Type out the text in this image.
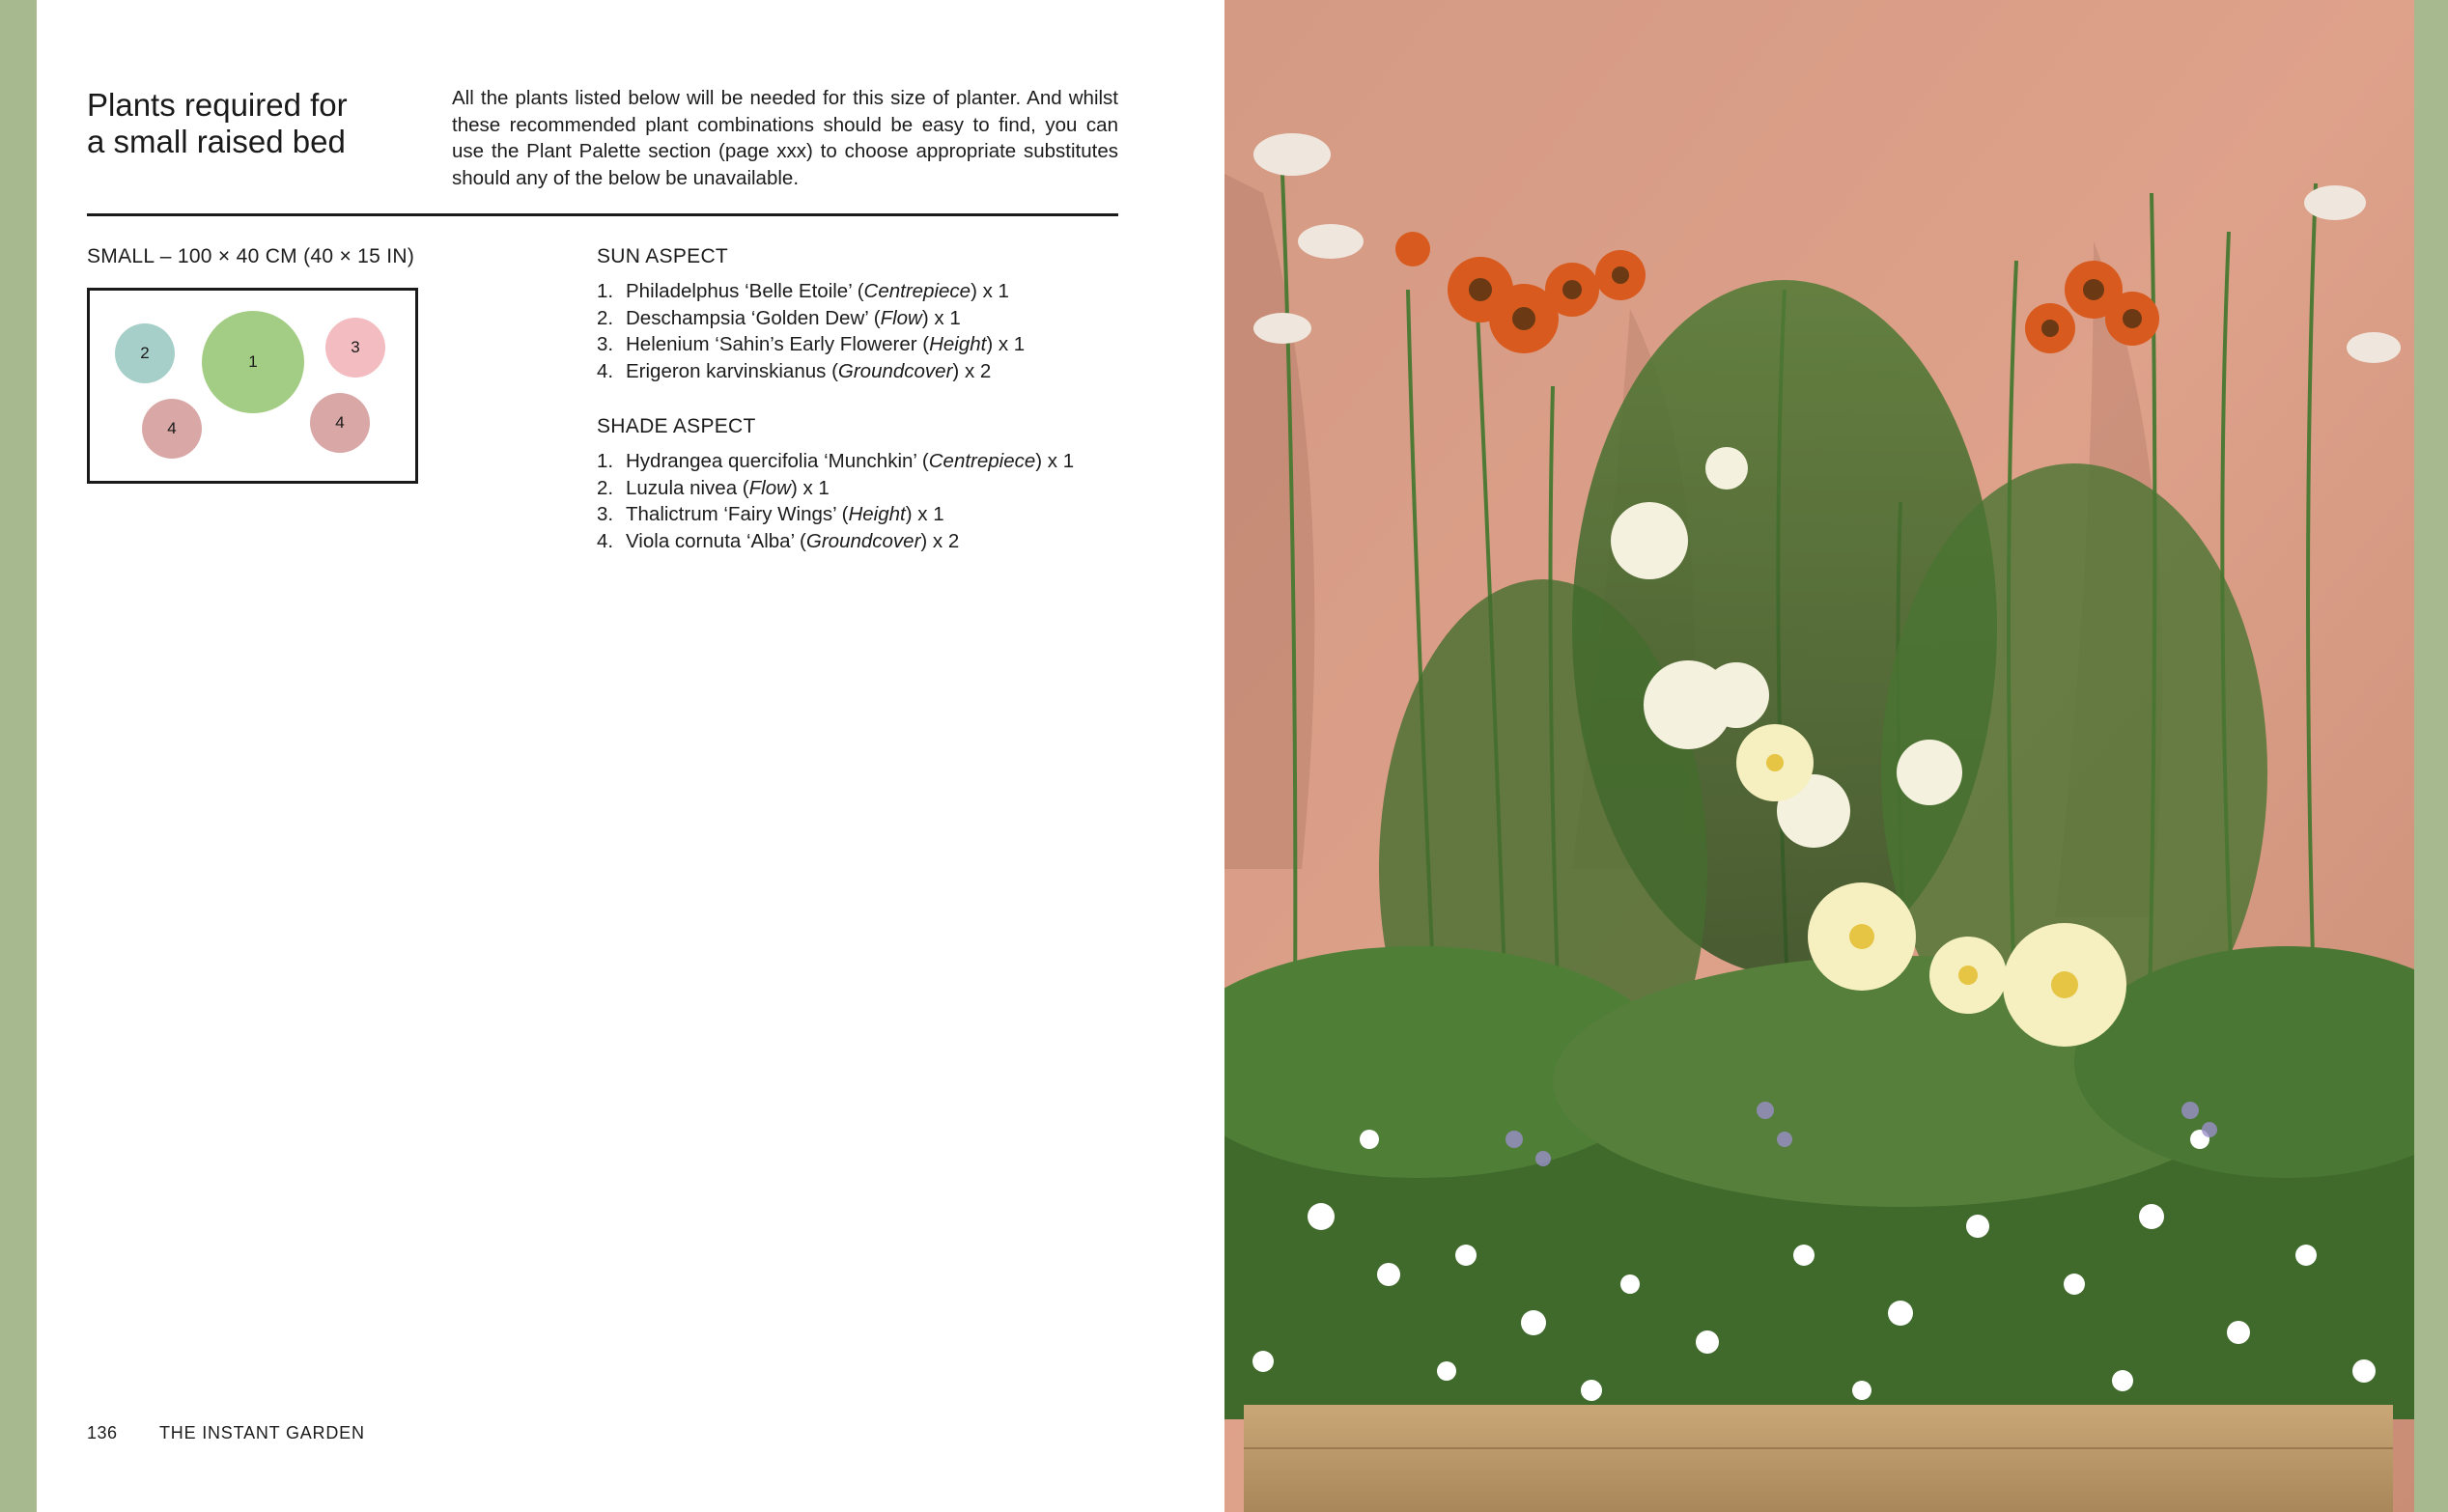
Plants required for
a small raised bed
All the plants listed below will be needed for this size of planter. And whilst these recommended plant combinations should be easy to find, you can use the Plant Palette section (page xxx) to choose appropriate substitutes should any of the below be unavailable.
SMALL – 100 × 40 CM (40 × 15 IN)
1
2	3
4	4
SUN ASPECT
1. Philadelphus ‘Belle Etoile’ (Centrepiece) x 1
2. Deschampsia ‘Golden Dew’ (Flow) x 1
3. Helenium ‘Sahin’s Early Flowerer (Height) x 1
4. Erigeron karvinskianus (Groundcover) x 2
SHADE ASPECT
1. Hydrangea quercifolia ‘Munchkin’ (Centrepiece) x 1
2. Luzula nivea (Flow) x 1
3. Thalictrum ‘Fairy Wings’ (Height) x 1
4. Viola cornuta ‘Alba’ (Groundcover) x 2
136 THE INSTANT GARDEN
